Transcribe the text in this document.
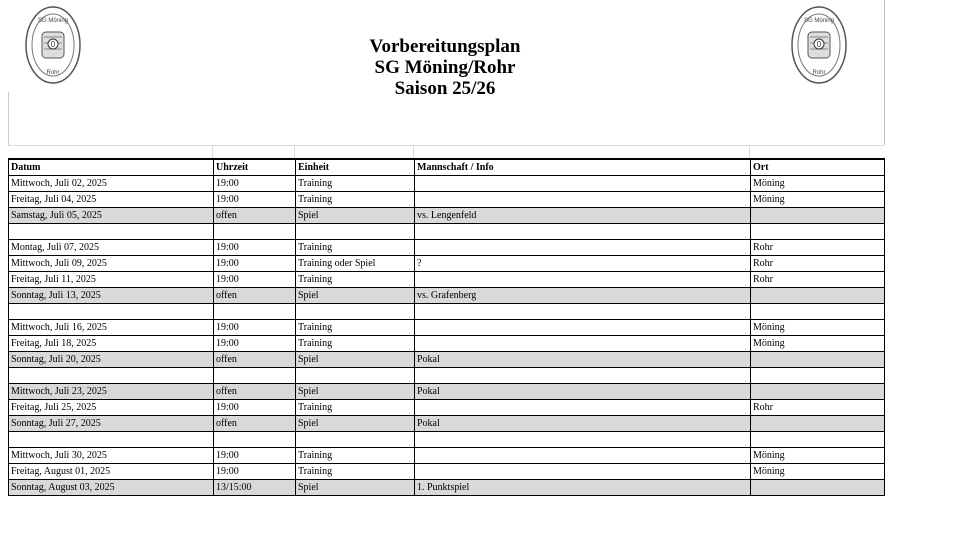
0
SG Möning
Rohr
0
SG Möning
Rohr
Vorbereitungsplan
SG Möning/Rohr
Saison 25/26
Datum	Uhrzeit	Einheit	Mannschaft / Info	Ort
Mittwoch, Juli 02, 2025	19:00	Training		Möning
Freitag, Juli 04, 2025	19:00	Training		Möning
Samstag, Juli 05, 2025	offen	Spiel	vs. Lengenfeld	

Montag, Juli 07, 2025	19:00	Training		Rohr
Mittwoch, Juli 09, 2025	19:00	Training oder Spiel	?	Rohr
Freitag, Juli 11, 2025	19:00	Training		Rohr
Sonntag, Juli 13, 2025	offen	Spiel	vs. Grafenberg	

Mittwoch, Juli 16, 2025	19:00	Training		Möning
Freitag, Juli 18, 2025	19:00	Training		Möning
Sonntag, Juli 20, 2025	offen	Spiel	Pokal	

Mittwoch, Juli 23, 2025	offen	Spiel	Pokal	
Freitag, Juli 25, 2025	19:00	Training		Rohr
Sonntag, Juli 27, 2025	offen	Spiel	Pokal	

Mittwoch, Juli 30, 2025	19:00	Training		Möning
Freitag, August 01, 2025	19:00	Training		Möning
Sonntag, August 03, 2025	13/15:00	Spiel	1. Punktspiel	
